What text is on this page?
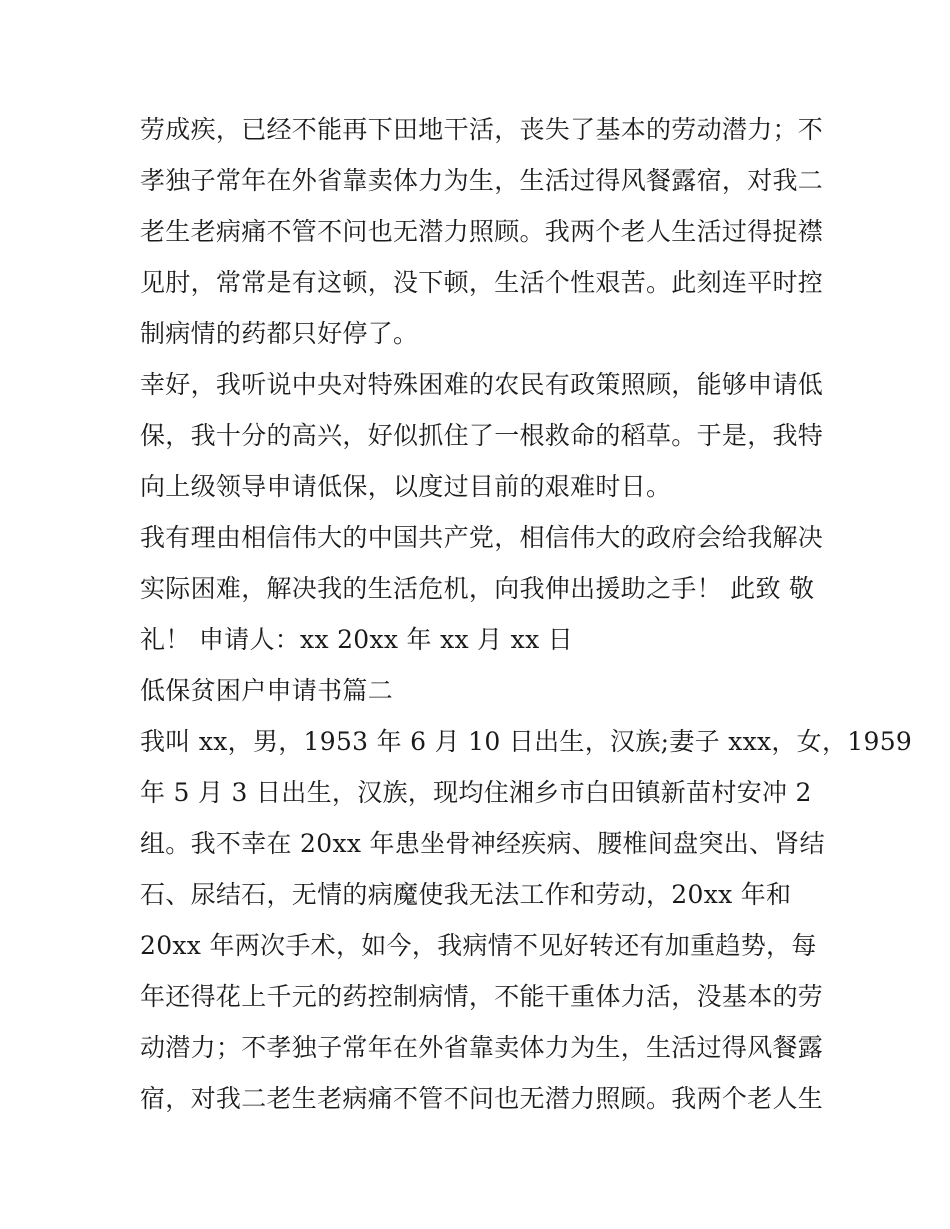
劳成疾，已经不能再下田地干活，丧失了基本的劳动潜力；不
孝独子常年在外省靠卖体力为生，生活过得风餐露宿，对我二
老生老病痛不管不问也无潜力照顾。我两个老人生活过得捉襟
见肘，常常是有这顿，没下顿，生活个性艰苦。此刻连平时控
制病情的药都只好停了。
幸好，我听说中央对特殊困难的农民有政策照顾，能够申请低
保，我十分的高兴，好似抓住了一根救命的稻草。于是，我特
向上级领导申请低保，以度过目前的艰难时日。
我有理由相信伟大的中国共产党，相信伟大的政府会给我解决
实际困难，解决我的生活危机，向我伸出援助之手！ 此致 敬
礼！ 申请人：xx 20xx 年 xx 月 xx 日
低保贫困户申请书篇二
我叫 xx，男，1953 年 6 月 10 日出生，汉族;妻子 xxx，女，1959
年 5 月 3 日出生，汉族，现均住湘乡市白田镇新苗村安冲 2
组。我不幸在 20xx 年患坐骨神经疾病、腰椎间盘突出、肾结
石、尿结石，无情的病魔使我无法工作和劳动，20xx 年和
20xx 年两次手术，如今，我病情不见好转还有加重趋势，每
年还得花上千元的药控制病情，不能干重体力活，没基本的劳
动潜力；不孝独子常年在外省靠卖体力为生，生活过得风餐露
宿，对我二老生老病痛不管不问也无潜力照顾。我两个老人生
